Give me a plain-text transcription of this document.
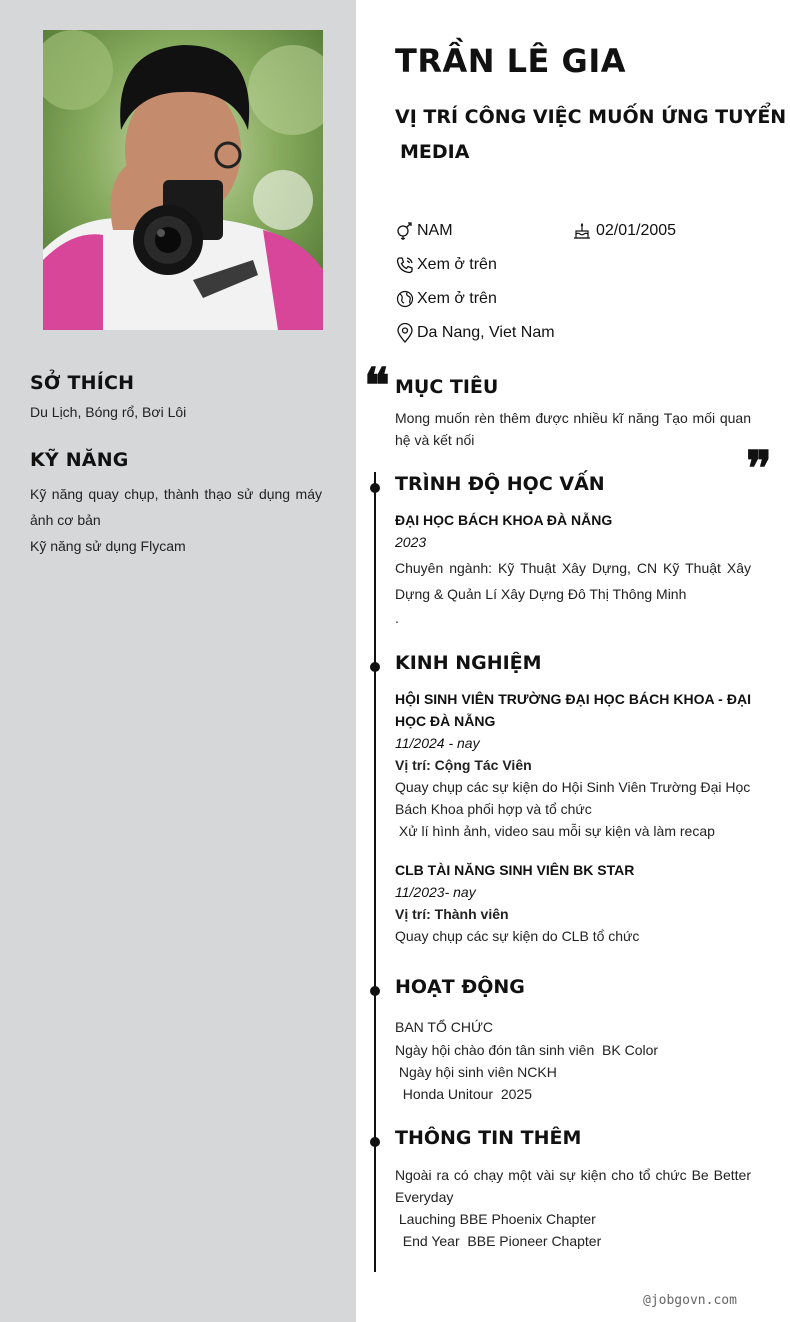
SỞ THÍCH

Du Lịch, Bóng rổ, Bơi Lôi

KỸ NĂNG

Kỹ năng quay chụp, thành thạo sử dụng máy ảnh cơ bản

Kỹ năng sử dụng Flycam

TRẦN LÊ GIA
VỊ TRÍ CÔNG VIỆC MUỐN ỨNG TUYỂN
MEDIA
NAM	02/01/2005
Xem ở trên
Xem ở trên
Da Nang, Viet Nam
❝ MỤC TIÊU

Mong muốn rèn thêm được nhiều kĩ năng Tạo mối quan hệ và kết nối

❞
TRÌNH ĐỘ HỌC VẤN

ĐẠI HỌC BÁCH KHOA ĐÀ NẴNG

2023

Chuyên ngành: Kỹ Thuật Xây Dựng, CN Kỹ Thuật Xây Dựng & Quản Lí Xây Dựng Đô Thị Thông Minh

.

KINH NGHIỆM

HỘI SINH VIÊN TRƯỜNG ĐẠI HỌC BÁCH KHOA - ĐẠI HỌC ĐÀ NẴNG

11/2024 - nay

Vị trí: Cộng Tác Viên

Quay chụp các sự kiện do Hội Sinh Viên Trường Đại Học Bách Khoa phối hợp và tổ chức

Xử lí hình ảnh, video sau mỗi sự kiện và làm recap

CLB TÀI NĂNG SINH VIÊN BK STAR

11/2023- nay

Vị trí: Thành viên

Quay chụp các sự kiện do CLB tổ chức

HOẠT ĐỘNG

BAN TỔ CHỨC

Ngày hội chào đón tân sinh viên  BK Color

Ngày hội sinh viên NCKH

Honda Unitour  2025

THÔNG TIN THÊM

Ngoài ra có chạy một vài sự kiện cho tổ chức Be Better Everyday

Lauching BBE Phoenix Chapter

End Year  BBE Pioneer Chapter

@jobgovn.com
